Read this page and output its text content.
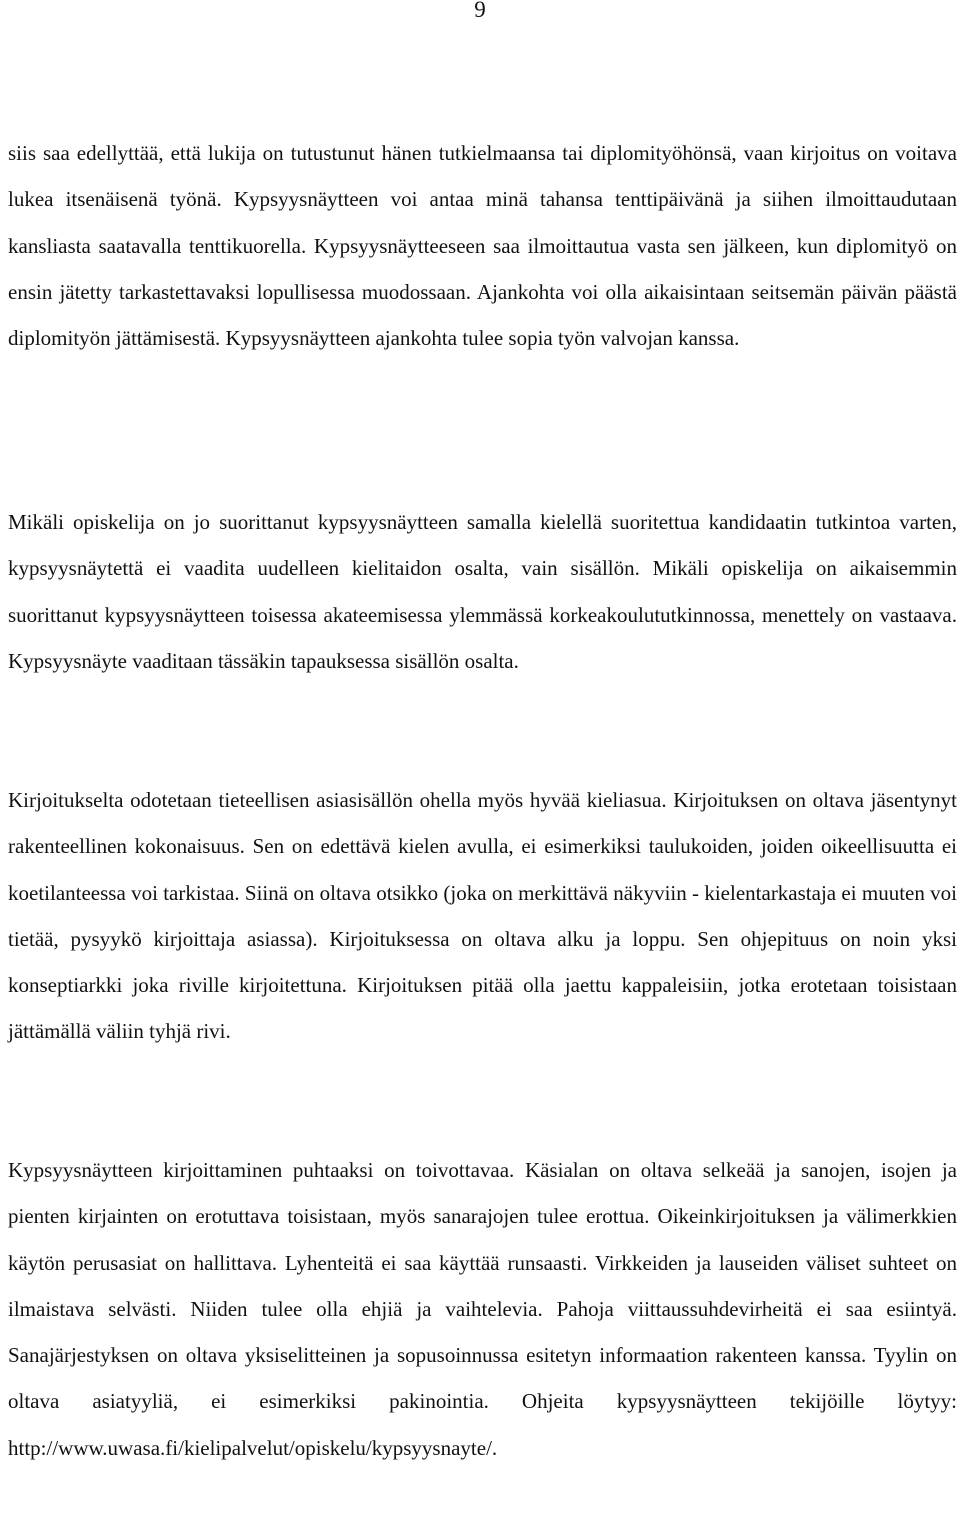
9

siis saa edellyttää, että lukija on tutustunut hänen tutkielmaansa tai diplomityöhönsä, vaan kirjoitus on voitava lukea itsenäisenä työnä. Kypsyysnäytteen voi antaa minä tahansa tenttipäivänä ja siihen ilmoittaudutaan kansliasta saatavalla tenttikuorella. Kypsyysnäytteeseen saa ilmoittautua vasta sen jälkeen, kun diplomityö on ensin jätetty tarkastettavaksi lopullisessa muodossaan. Ajankohta voi olla aikaisintaan seitsemän päivän päästä diplomityön jättämisestä. Kypsyysnäytteen ajankohta tulee sopia työn valvojan kanssa.

Mikäli opiskelija on jo suorittanut kypsyysnäytteen samalla kielellä suoritettua kandidaatin tutkintoa varten, kypsyysnäytettä ei vaadita uudelleen kielitaidon osalta, vain sisällön. Mikäli opiskelija on aikaisemmin suorittanut kypsyysnäytteen toisessa akateemisessa ylemmässä korkeakoulututkinnossa, menettely on vastaava. Kypsyysnäyte vaaditaan tässäkin tapauksessa sisällön osalta.

Kirjoitukselta odotetaan tieteellisen asiasisällön ohella myös hyvää kieliasua. Kirjoituksen on oltava jäsentynyt rakenteellinen kokonaisuus. Sen on edettävä kielen avulla, ei esimerkiksi taulukoiden, joiden oikeellisuutta ei koetilanteessa voi tarkistaa. Siinä on oltava otsikko (joka on merkittävä näkyviin - kielentarkastaja ei muuten voi tietää, pysyykö kirjoittaja asiassa). Kirjoituksessa on oltava alku ja loppu. Sen ohjepituus on noin yksi konseptiarkki joka riville kirjoitettuna. Kirjoituksen pitää olla jaettu kappaleisiin, jotka erotetaan toisistaan jättämällä väliin tyhjä rivi.

Kypsyysnäytteen kirjoittaminen puhtaaksi on toivottavaa. Käsialan on oltava selkeää ja sanojen, isojen ja pienten kirjainten on erotuttava toisistaan, myös sanarajojen tulee erottua. Oikeinkirjoituksen ja välimerkkien käytön perusasiat on hallittava. Lyhenteitä ei saa käyttää runsaasti. Virkkeiden ja lauseiden väliset suhteet on ilmaistava selvästi. Niiden tulee olla ehjiä ja vaihtelevia. Pahoja viittaussuhdevirheitä ei saa esiintyä. Sanajärjestyksen on oltava yksiselitteinen ja sopusoinnussa esitetyn informaation rakenteen kanssa. Tyylin on oltava asiatyyliä, ei esimerkiksi pakinointia. Ohjeita kypsyysnäytteen tekijöille löytyy: http://www.uwasa.fi/kielipalvelut/opiskelu/kypsyysnayte/.
